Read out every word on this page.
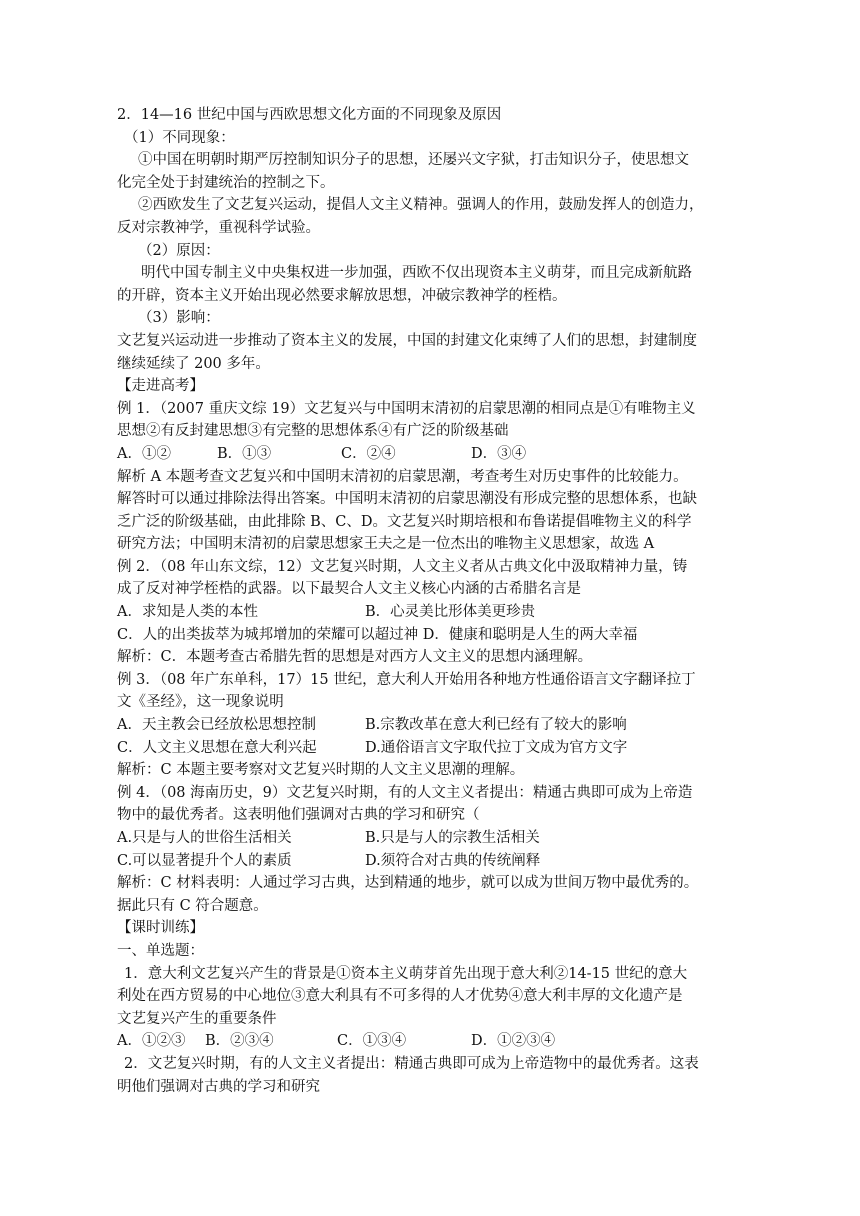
2．14—16 世纪中国与西欧思想文化方面的不同现象及原因
（1）不同现象：
①中国在明朝时期严厉控制知识分子的思想，还屡兴文字狱，打击知识分子，使思想文
化完全处于封建统治的控制之下。
②西欧发生了文艺复兴运动，提倡人文主义精神。强调人的作用，鼓励发挥人的创造力，
反对宗教神学，重视科学试验。
（2）原因：
明代中国专制主义中央集权进一步加强，西欧不仅出现资本主义萌芽，而且完成新航路
的开辟，资本主义开始出现必然要求解放思想，冲破宗教神学的桎梏。
（3）影响：
文艺复兴运动进一步推动了资本主义的发展，中国的封建文化束缚了人们的思想，封建制度
继续延续了 200 多年。
【走进高考】
例 1．（2007 重庆文综 19）文艺复兴与中国明末清初的启蒙思潮的相同点是①有唯物主义
思想②有反封建思想③有完整的思想体系④有广泛的阶级基础
A．①②	B．①③	C．②④	D．③④
解析 A 本题考查文艺复兴和中国明末清初的启蒙思潮，考查考生对历史事件的比较能力。
解答时可以通过排除法得出答案。中国明末清初的启蒙思潮没有形成完整的思想体系，也缺
乏广泛的阶级基础，由此排除 B、C、D。文艺复兴时期培根和布鲁诺提倡唯物主义的科学
研究方法；中国明末清初的启蒙思想家王夫之是一位杰出的唯物主义思想家，故选 A
例 2．（08 年山东文综，12）文艺复兴时期，人文主义者从古典文化中汲取精神力量，铸
成了反对神学桎梏的武器。以下最契合人文主义核心内涵的古希腊名言是
A．求知是人类的本性	B．心灵美比形体美更珍贵
C．人的出类拔萃为城邦增加的荣耀可以超过神 D．健康和聪明是人生的两大幸福
解析：C．本题考查古希腊先哲的思想是对西方人文主义的思想内涵理解。
例 3．（08 年广东单科，17）15 世纪，意大利人开始用各种地方性通俗语言文字翻译拉丁
文《圣经》，这一现象说明
A．天主教会已经放松思想控制	B.宗教改革在意大利已经有了较大的影响
C．人文主义思想在意大利兴起	D.通俗语言文字取代拉丁文成为官方文字
解析：C 本题主要考察对文艺复兴时期的人文主义思潮的理解。
例 4．（08 海南历史，9）文艺复兴时期，有的人文主义者提出：精通古典即可成为上帝造
物中的最优秀者。这表明他们强调对古典的学习和研究（
A.只是与人的世俗生活相关	B.只是与人的宗教生活相关
C.可以显著提升个人的素质	D.须符合对古典的传统阐释
解析：C 材料表明：人通过学习古典，达到精通的地步，就可以成为世间万物中最优秀的。
据此只有 C 符合题意。
【课时训练】
一、单选题：
1．意大利文艺复兴产生的背景是①资本主义萌芽首先出现于意大利②14-15 世纪的意大
利处在西方贸易的中心地位③意大利具有不可多得的人才优势④意大利丰厚的文化遗产是
文艺复兴产生的重要条件
A．①②③	B．②③④	C．①③④	D．①②③④
2．文艺复兴时期，有的人文主义者提出：精通古典即可成为上帝造物中的最优秀者。这表
明他们强调对古典的学习和研究
